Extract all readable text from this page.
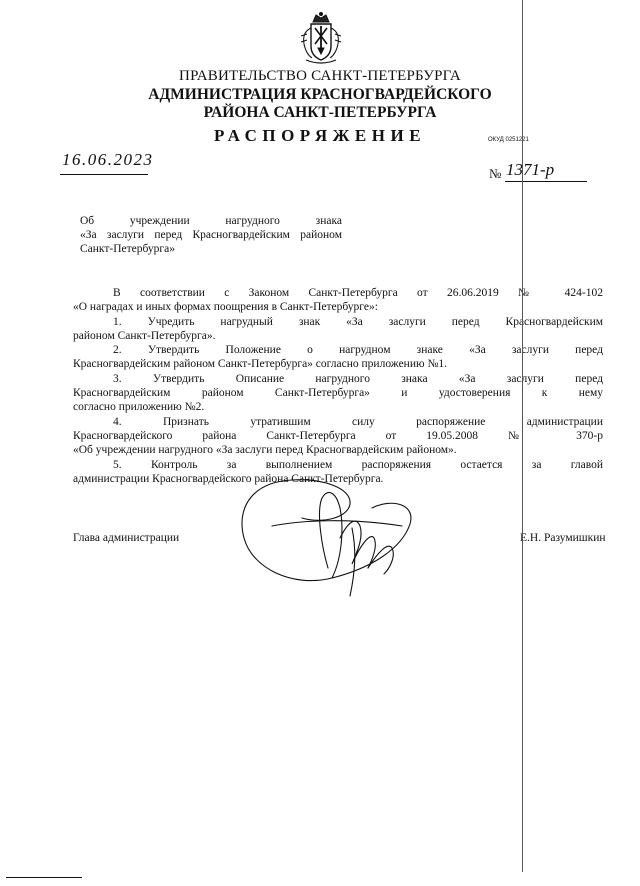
ПРАВИТЕЛЬСТВО САНКТ-ПЕТЕРБУРГА
АДМИНИСТРАЦИЯ КРАСНОГВАРДЕЙСКОГО
РАЙОНА САНКТ-ПЕТЕРБУРГА
РАСПОРЯЖЕНИЕ	ОКУД 0251221
16.06.2023
№ 1371-р
Об учреждении нагрудного знака
«За заслуги перед Красногвардейским районом
Санкт-Петербурга»
В соответствии с Законом Санкт-Петербурга от 26.06.2019 № 424-102
«О наградах и иных формах поощрения в Санкт-Петербурге»:
1. Учредить нагрудный знак «За заслуги перед Красногвардейским
районом Санкт-Петербурга».
2. Утвердить Положение о нагрудном знаке «За заслуги перед
Красногвардейским районом Санкт-Петербурга» согласно приложению №1.
3. Утвердить Описание нагрудного знака «За заслуги перед
Красногвардейским районом Санкт-Петербурга» и удостоверения к нему
согласно приложению №2.
4. Признать утратившим силу распоряжение администрации
Красногвардейского района Санкт-Петербурга от 19.05.2008 № 370-р
«Об учреждении нагрудного «За заслуги перед Красногвардейским районом».
5. Контроль за выполнением распоряжения остается за главой
администрации Красногвардейского района Санкт-Петербурга.
Глава администрации	Е.Н. Разумишкин
